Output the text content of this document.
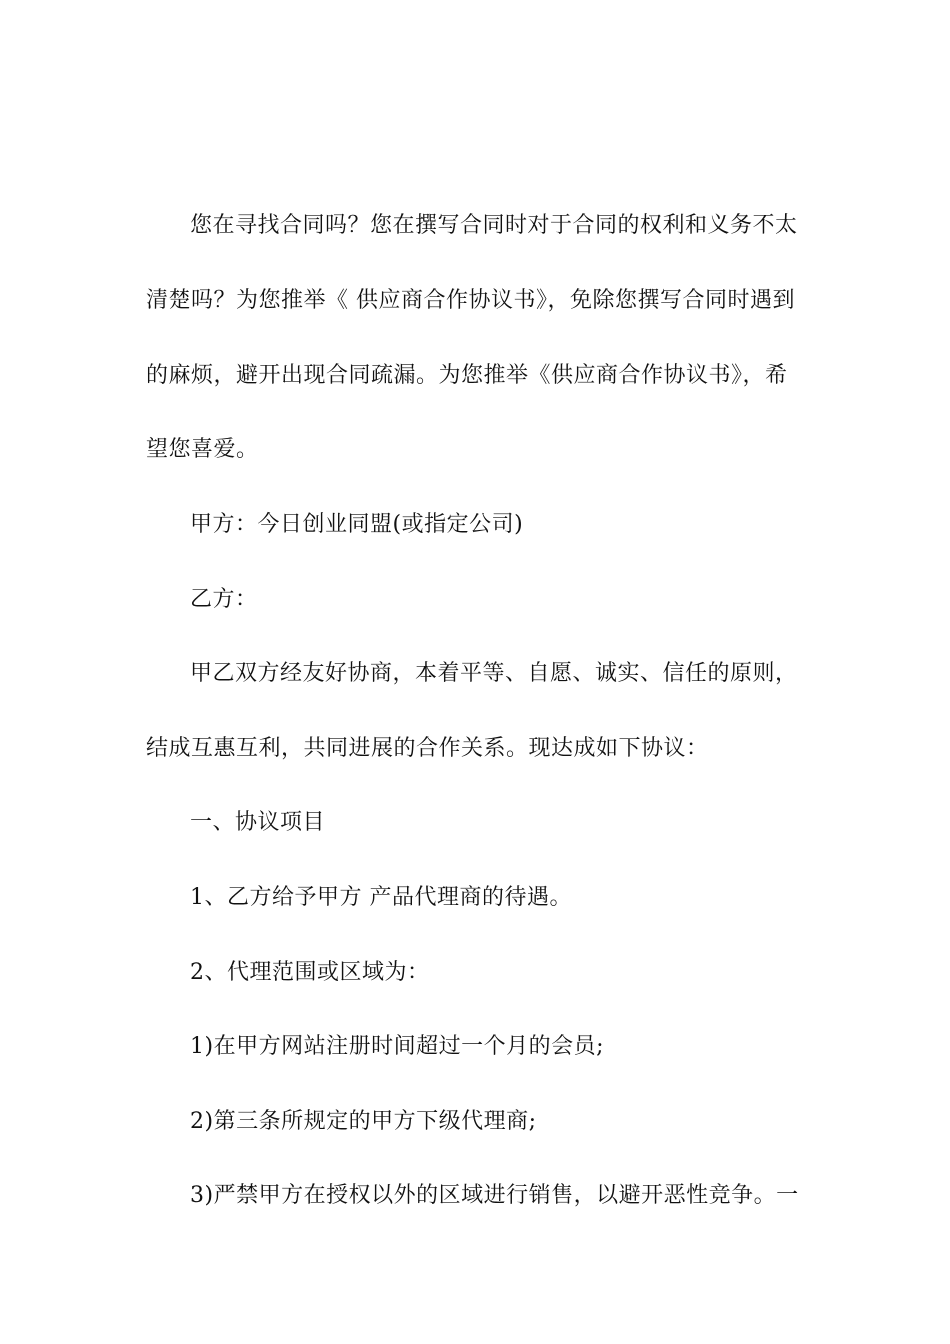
您在寻找合同吗？您在撰写合同时对于合同的权利和义务不太
清楚吗？为您推举《 供应商合作协议书》，免除您撰写合同时遇到
的麻烦，避开出现合同疏漏。为您推举《供应商合作协议书》，希
望您喜爱。
甲方：今日创业同盟(或指定公司)
乙方：
甲乙双方经友好协商，本着平等、自愿、诚实、信任的原则，
结成互惠互利，共同进展的合作关系。现达成如下协议：
一、协议项目
1、乙方给予甲方 产品代理商的待遇。
2、代理范围或区域为：
1)在甲方网站注册时间超过一个月的会员;
2)第三条所规定的甲方下级代理商;
3)严禁甲方在授权以外的区域进行销售，以避开恶性竞争。一
